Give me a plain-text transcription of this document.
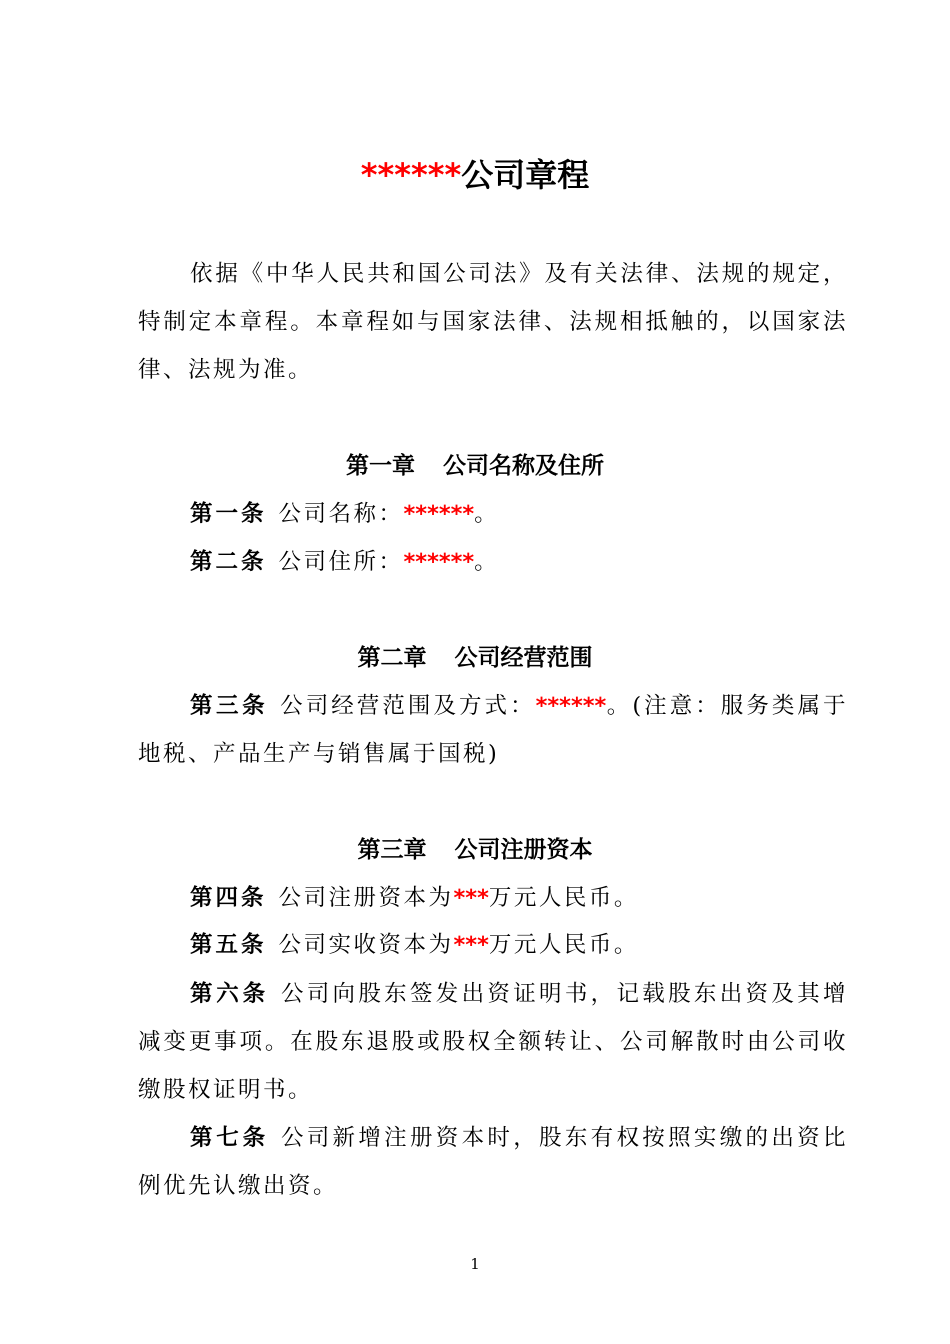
******公司章程

依据《中华人民共和国公司法》及有关法律、法规的规定，特制定本章程。本章程如与国家法律、法规相抵触的，以国家法律、法规为准。

第一章 公司名称及住所

第一条 公司名称：******。

第二条 公司住所：******。

第二章 公司经营范围

第三条 公司经营范围及方式：******。(注意：服务类属于地税、产品生产与销售属于国税)

第三章 公司注册资本

第四条 公司注册资本为***万元人民币。

第五条 公司实收资本为***万元人民币。

第六条 公司向股东签发出资证明书，记载股东出资及其增减变更事项。在股东退股或股权全额转让、公司解散时由公司收缴股权证明书。

第七条 公司新增注册资本时，股东有权按照实缴的出资比例优先认缴出资。

1
